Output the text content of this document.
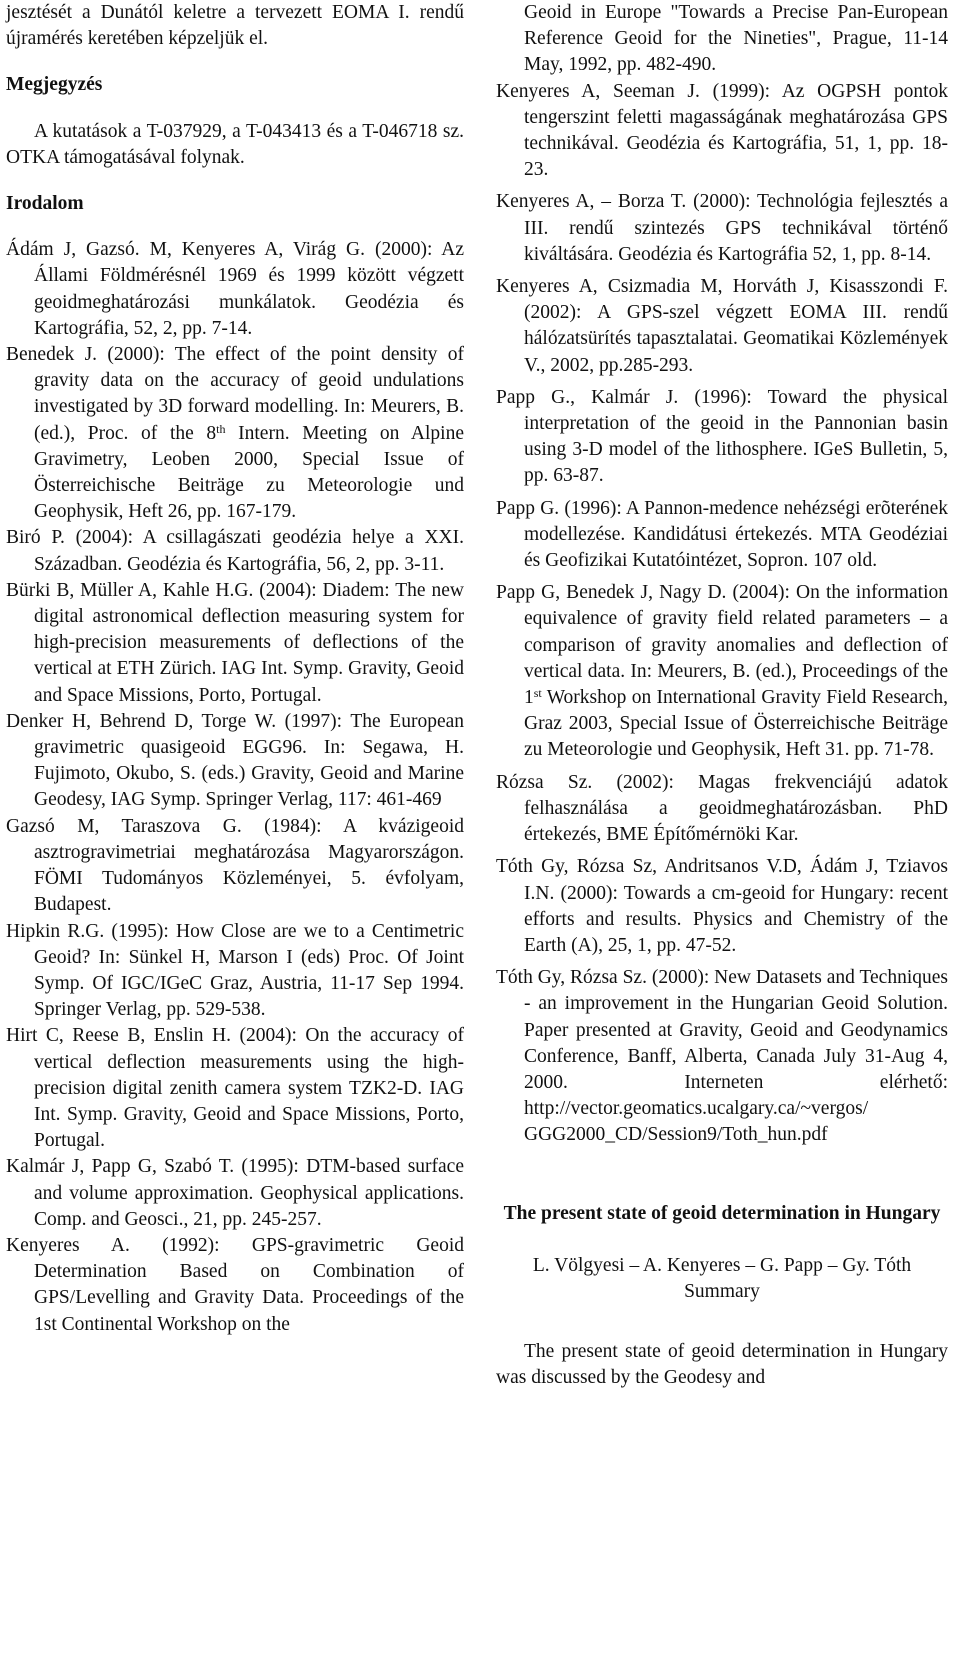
jesztését a Dunától keletre a tervezett EOMA I. rendű újramérés keretében képzeljük el.

Megjegyzés

A kutatások a T-037929, a T-043413 és a T-046718 sz. OTKA támogatásával folynak.

Irodalom

Ádám J, Gazsó. M, Kenyeres A, Virág G. (2000): Az Állami Földmérésnél 1969 és 1999 között végzett geoidmeghatározási munkálatok. Geodézia és Kartográfia, 52, 2, pp. 7-14.

Benedek J. (2000): The effect of the point density of gravity data on the accuracy of geoid undulations investigated by 3D forward modelling. In: Meurers, B. (ed.), Proc. of the 8th Intern. Meeting on Alpine Gravimetry, Leoben 2000, Special Issue of Österreichische Beiträge zu Meteorologie und Geophysik, Heft 26, pp. 167-179.

Biró P. (2004): A csillagászati geodézia helye a XXI. Században. Geodézia és Kartográfia, 56, 2, pp. 3-11.

Bürki B, Müller A, Kahle H.G. (2004): Diadem: The new digital astronomical deflection measuring system for high-precision measurements of deflections of the vertical at ETH Zürich. IAG Int. Symp. Gravity, Geoid and Space Missions, Porto, Portugal.

Denker H, Behrend D, Torge W. (1997): The European gravimetric quasigeoid EGG96. In: Segawa, H. Fujimoto, Okubo, S. (eds.) Gravity, Geoid and Marine Geodesy, IAG Symp. Springer Verlag, 117: 461-469

Gazsó M, Taraszova G. (1984): A kvázigeoid asztrogravimetriai meghatározása Magyarországon. FÖMI Tudományos Közleményei, 5. évfolyam, Budapest.

Hipkin R.G. (1995): How Close are we to a Centimetric Geoid? In: Sünkel H, Marson I (eds) Proc. Of Joint Symp. Of IGC/IGeC Graz, Austria, 11-17 Sep 1994. Springer Verlag, pp. 529-538.

Hirt C, Reese B, Enslin H. (2004): On the accuracy of vertical deflection measurements using the high-precision digital zenith camera system TZK2-D. IAG Int. Symp. Gravity, Geoid and Space Missions, Porto, Portugal.

Kalmár J, Papp G, Szabó T. (1995): DTM-based surface and volume approximation. Geophysical applications. Comp. and Geosci., 21, pp. 245-257.

Kenyeres A. (1992): GPS-gravimetric Geoid Determination Based on Combination of GPS/Levelling and Gravity Data. Proceedings of the 1st Continental Workshop on the

Geoid in Europe "Towards a Precise Pan-European Reference Geoid for the Nineties", Prague, 11-14 May, 1992, pp. 482-490.

Kenyeres A, Seeman J. (1999): Az OGPSH pontok tengerszint feletti magasságának meghatározása GPS technikával. Geodézia és Kartográfia, 51, 1, pp. 18-23.

Kenyeres A, – Borza T. (2000): Technológia fejlesztés a III. rendű szintezés GPS technikával történő kiváltására. Geodézia és Kartográfia 52, 1, pp. 8-14.

Kenyeres A, Csizmadia M, Horváth J, Kisasszondi F. (2002): A GPS-szel végzett EOMA III. rendű hálózatsürítés tapasztalatai. Geomatikai Közlemények V., 2002, pp.285-293.

Papp G., Kalmár J. (1996): Toward the physical interpretation of the geoid in the Pannonian basin using 3-D model of the lithosphere. IGeS Bulletin, 5, pp. 63-87.

Papp G. (1996): A Pannon-medence nehézségi erõterének modellezése. Kandidátusi értekezés. MTA Geodéziai és Geofizikai Kutatóintézet, Sopron. 107 old.

Papp G, Benedek J, Nagy D. (2004): On the information equivalence of gravity field related parameters – a comparison of gravity anomalies and deflection of vertical data. In: Meurers, B. (ed.), Proceedings of the 1st Workshop on International Gravity Field Research, Graz 2003, Special Issue of Österreichische Beiträge zu Meteorologie und Geophysik, Heft 31. pp. 71-78.

Rózsa Sz. (2002): Magas frekvenciájú adatok felhasználása a geoidmeghatározásban. PhD értekezés, BME Építőmérnöki Kar.

Tóth Gy, Rózsa Sz, Andritsanos V.D, Ádám J, Tziavos I.N. (2000): Towards a cm-geoid for Hungary: recent efforts and results. Physics and Chemistry of the Earth (A), 25, 1, pp. 47-52.

Tóth Gy, Rózsa Sz. (2000): New Datasets and Techniques - an improvement in the Hungarian Geoid Solution. Paper presented at Gravity, Geoid and Geodynamics Conference, Banff, Alberta, Canada July 31-Aug 4, 2000. Interneten elérhető: http://vector.geomatics.ucalgary.ca/~vergos/ GGG2000_CD/Session9/Toth_hun.pdf

The present state of geoid determination in Hungary

L. Völgyesi – A. Kenyeres – G. Papp – Gy. Tóth

Summary

The present state of geoid determination in Hungary was discussed by the Geodesy and
